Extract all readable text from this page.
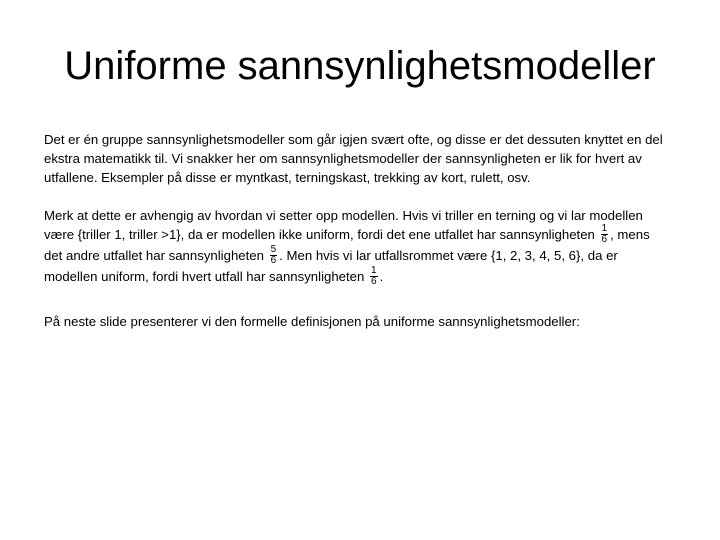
Uniforme sannsynlighetsmodeller

Det er én gruppe sannsynlighetsmodeller som går igjen svært ofte, og disse er det dessuten knyttet en del ekstra matematikk til. Vi snakker her om sannsynlighetsmodeller der sannsynligheten er lik for hvert av utfallene. Eksempler på disse er myntkast, terningskast, trekking av kort, rulett, osv.

Merk at dette er avhengig av hvordan vi setter opp modellen. Hvis vi triller en terning og vi lar modellen være {triller 1, triller >1}, da er modellen ikke uniform, fordi det ene utfallet har sannsynligheten $\frac{1}{6}$ , mens det andre utfallet har sannsynligheten $\frac{5}{6}$ . Men hvis vi lar utfallsrommet være {1, 2, 3, 4, 5, 6}, da er modellen uniform, fordi hvert utfall har sannsynligheten $\frac{1}{6}$ .

På neste slide presenterer vi den formelle definisjonen på uniforme sannsynlighetsmodeller:
